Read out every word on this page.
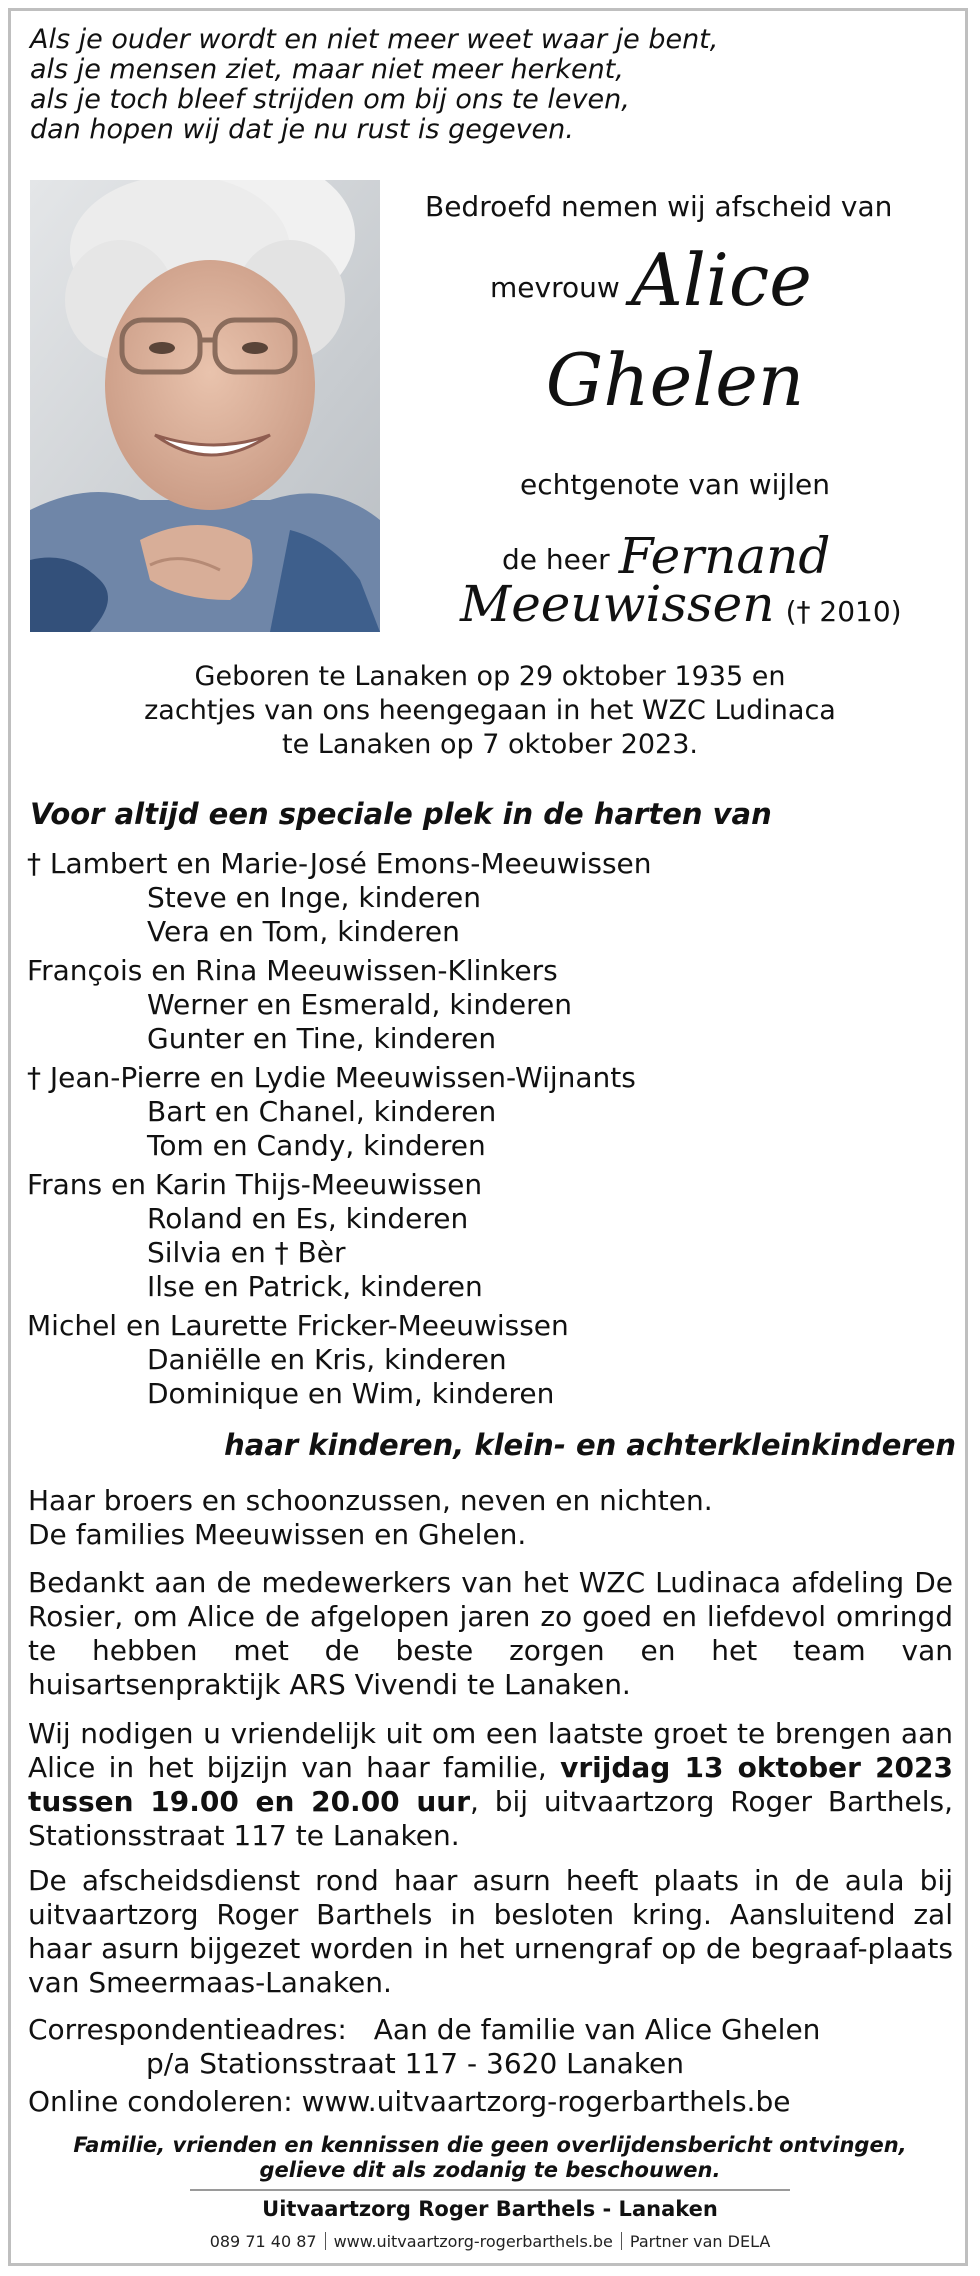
Als je ouder wordt en niet meer weet waar je bent,
als je mensen ziet, maar niet meer herkent,
als je toch bleef strijden om bij ons te leven,
dan hopen wij dat je nu rust is gegeven.
Bedroefd nemen wij afscheid van
mevrouw Alice
Ghelen
echtgenote van wijlen
de heer Fernand
Meeuwissen († 2010)
Geboren te Lanaken op 29 oktober 1935 en
zachtjes van ons heengegaan in het WZC Ludinaca
te Lanaken op 7 oktober 2023.
Voor altijd een speciale plek in de harten van
† Lambert en Marie-José Emons-Meeuwissen
Steve en Inge, kinderen
Vera en Tom, kinderen
François en Rina Meeuwissen-Klinkers
Werner en Esmerald, kinderen
Gunter en Tine, kinderen
† Jean-Pierre en Lydie Meeuwissen-Wijnants
Bart en Chanel, kinderen
Tom en Candy, kinderen
Frans en Karin Thijs-Meeuwissen
Roland en Es, kinderen
Silvia en † Bèr
Ilse en Patrick, kinderen
Michel en Laurette Fricker-Meeuwissen
Daniëlle en Kris, kinderen
Dominique en Wim, kinderen
haar kinderen, klein- en achterkleinkinderen
Haar broers en schoonzussen, neven en nichten.
De families Meeuwissen en Ghelen.
Bedankt aan de medewerkers van het WZC Ludinaca afdeling De Rosier, om Alice de afgelopen jaren zo goed en liefdevol omringd te hebben met de beste zorgen en het team van huisartsenpraktijk ARS Vivendi te Lanaken.
Wij nodigen u vriendelijk uit om een laatste groet te brengen aan Alice in het bijzijn van haar familie, vrijdag 13 oktober 2023 tussen 19.00 en 20.00 uur, bij uitvaartzorg Roger Barthels, Stationsstraat 117 te Lanaken.
De afscheidsdienst rond haar asurn heeft plaats in de aula bij uitvaartzorg Roger Barthels in besloten kring. Aansluitend zal haar asurn bijgezet worden in het urnengraf op de begraaf-plaats van Smeermaas-Lanaken.
Correspondentieadres: Aan de familie van Alice Ghelen
p/a Stationsstraat 117 - 3620 Lanaken
Online condoleren: www.uitvaartzorg-rogerbarthels.be
Familie, vrienden en kennissen die geen overlijdensbericht ontvingen,
gelieve dit als zodanig te beschouwen.
Uitvaartzorg Roger Barthels - Lanaken
089 71 40 87 www.uitvaartzorg-rogerbarthels.be Partner van DELA
